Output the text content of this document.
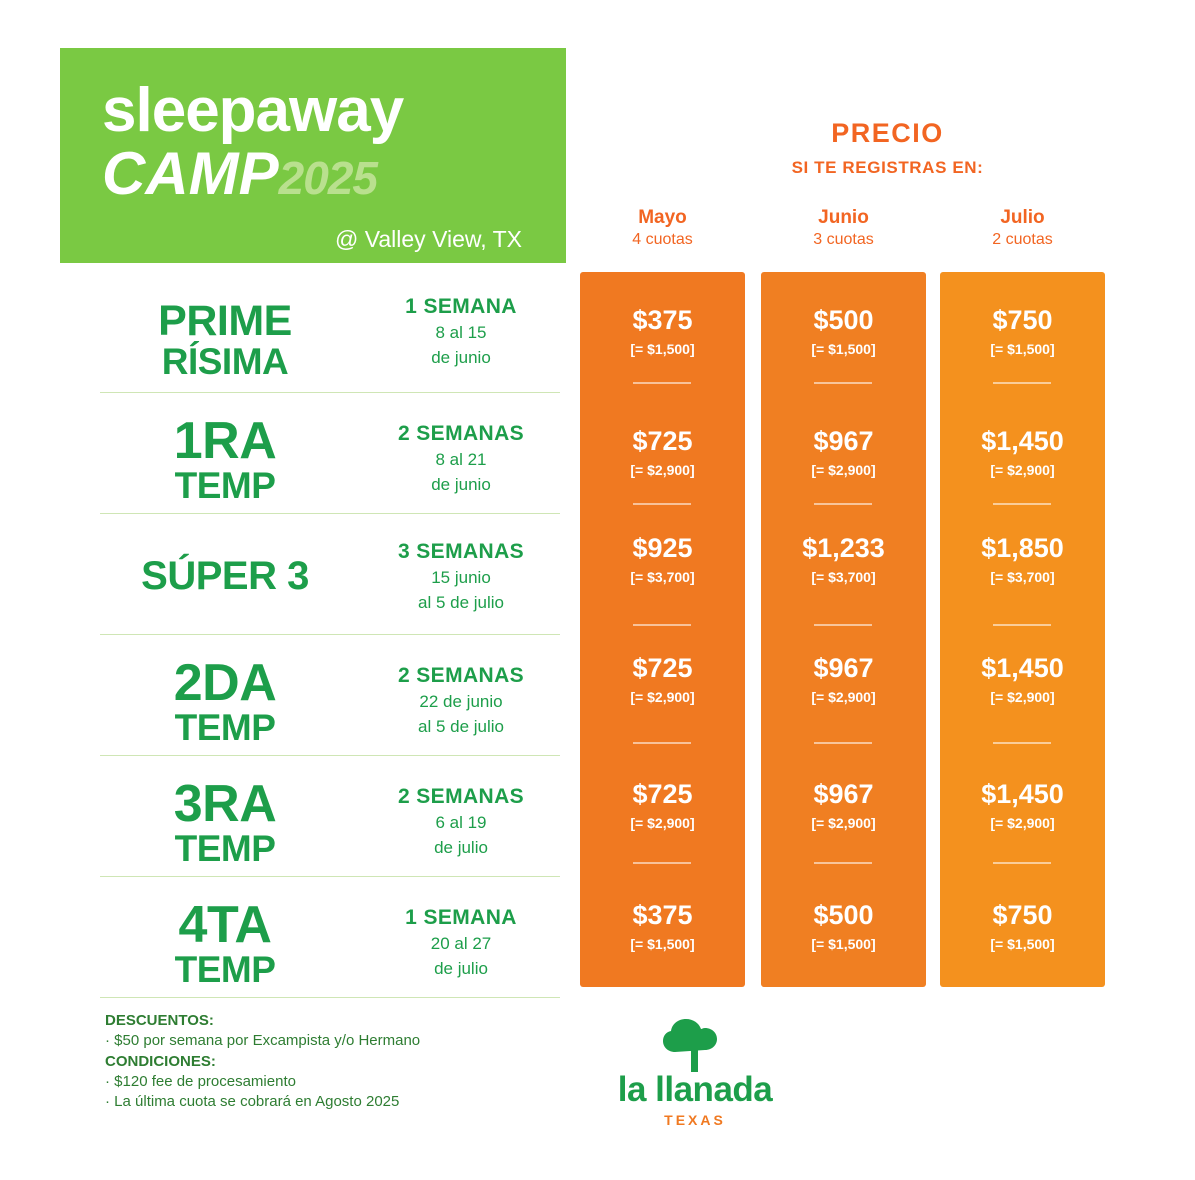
sleepaway
CAMP2025
@ Valley View, TX
PRECIO
SI TE REGISTRAS EN:
Mayo
4 cuotas
Junio
3 cuotas
Julio
2 cuotas
$375
[= $1,500]
$725
[= $2,900]
$925
[= $3,700]
$725
[= $2,900]
$725
[= $2,900]
$375
[= $1,500]
$500
[= $1,500]
$967
[= $2,900]
$1,233
[= $3,700]
$967
[= $2,900]
$967
[= $2,900]
$500
[= $1,500]
$750
[= $1,500]
$1,450
[= $2,900]
$1,850
[= $3,700]
$1,450
[= $2,900]
$1,450
[= $2,900]
$750
[= $1,500]
PRIME
RÍSIMA
1 SEMANA
8 al 15
de junio
1RA
TEMP
2 SEMANAS
8 al 21
de junio
SÚPER 3
3 SEMANAS
15 junio
al 5 de julio
2DA
TEMP
2 SEMANAS
22 de junio
al 5 de julio
3RA
TEMP
2 SEMANAS
6 al 19
de julio
4TA
TEMP
1 SEMANA
20 al 27
de julio
DESCUENTOS:
· $50 por semana por Excampista y/o Hermano
CONDICIONES:
· $120 fee de procesamiento
· La última cuota se cobrará en Agosto 2025	la llanada
TEXAS
